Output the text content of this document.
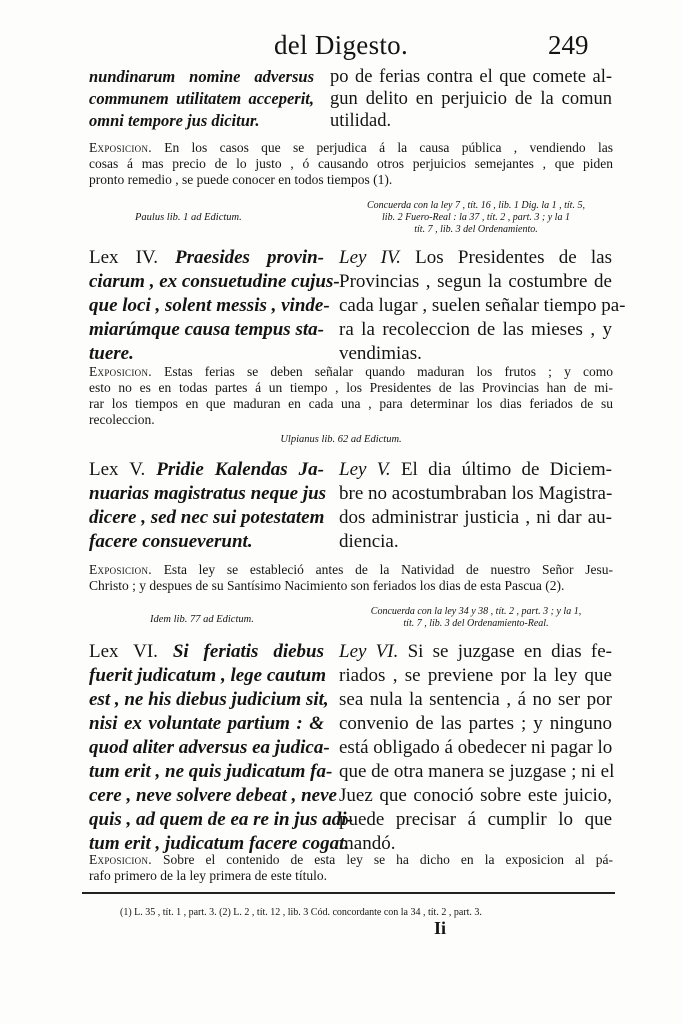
del Digesto.	249
nundinarum nomine adversus
communem utilitatem acceperit,
omni tempore jus dicitur.
po de ferias contra el que comete al-
gun delito en perjuicio de la comun
utilidad.
Exposicion. En los casos que se perjudica á la causa pública , vendiendo las
cosas á mas precio de lo justo , ó causando otros perjuicios semejantes , que piden
pronto remedio , se puede conocer en todos tiempos (1).
Paulus lib. 1 ad Edictum.
Concuerda con la ley 7 , tít. 16 , lib. 1 Dig. la 1 , tít. 5,
lib. 2 Fuero-Real : la 37 , tít. 2 , part. 3 ; y la 1
tít. 7 , lib. 3 del Ordenamiento.
Lex IV. Praesides provin-
ciarum , ex consuetudine cujus-
que loci , solent messis , vinde-
miarúmque causa tempus sta-
tuere.
Ley IV. Los Presidentes de las
Provincias , segun la costumbre de
cada lugar , suelen señalar tiempo pa-
ra la recoleccion de las mieses , y
vendimias.
Exposicion. Estas ferias se deben señalar quando maduran los frutos ; y como
esto no es en todas partes á un tiempo , los Presidentes de las Provincias han de mi-
rar los tiempos en que maduran en cada una , para determinar los dias feriados de su
recoleccion.
Ulpianus lib. 62 ad Edictum.
Lex V. Pridie Kalendas Ja-
nuarias magistratus neque jus
dicere , sed nec sui potestatem
facere consueverunt.
Ley V. El dia último de Diciem-
bre no acostumbraban los Magistra-
dos administrar justicia , ni dar au-
diencia.
Exposicion. Esta ley se estableció antes de la Natividad de nuestro Señor Jesu-
Christo ; y despues de su Santísimo Nacimiento son feriados los dias de esta Pascua (2).
Idem lib. 77 ad Edictum.
Concuerda con la ley 34 y 38 , tít. 2 , part. 3 ; y la 1,
tít. 7 , lib. 3 del Ordenamiento-Real.
Lex VI. Si feriatis diebus
fuerit judicatum , lege cautum
est , ne his diebus judicium sit,
nisi ex voluntate partium : &
quod aliter adversus ea judica-
tum erit , ne quis judicatum fa-
cere , neve solvere debeat , neve
quis , ad quem de ea re in jus adi-
tum erit , judicatum facere cogat.
Ley VI. Si se juzgase en dias fe-
riados , se previene por la ley que
sea nula la sentencia , á no ser por
convenio de las partes ; y ninguno
está obligado á obedecer ni pagar lo
que de otra manera se juzgase ; ni el
Juez que conoció sobre este juicio,
puede precisar á cumplir lo que
mandó.
Exposicion. Sobre el contenido de esta ley se ha dicho en la exposicion al pá-
rafo primero de la ley primera de este título.
(1) L. 35 , tít. 1 , part. 3. (2) L. 2 , tít. 12 , lib. 3 Cód. concordante con la 34 , tít. 2 , part. 3.
Ii
